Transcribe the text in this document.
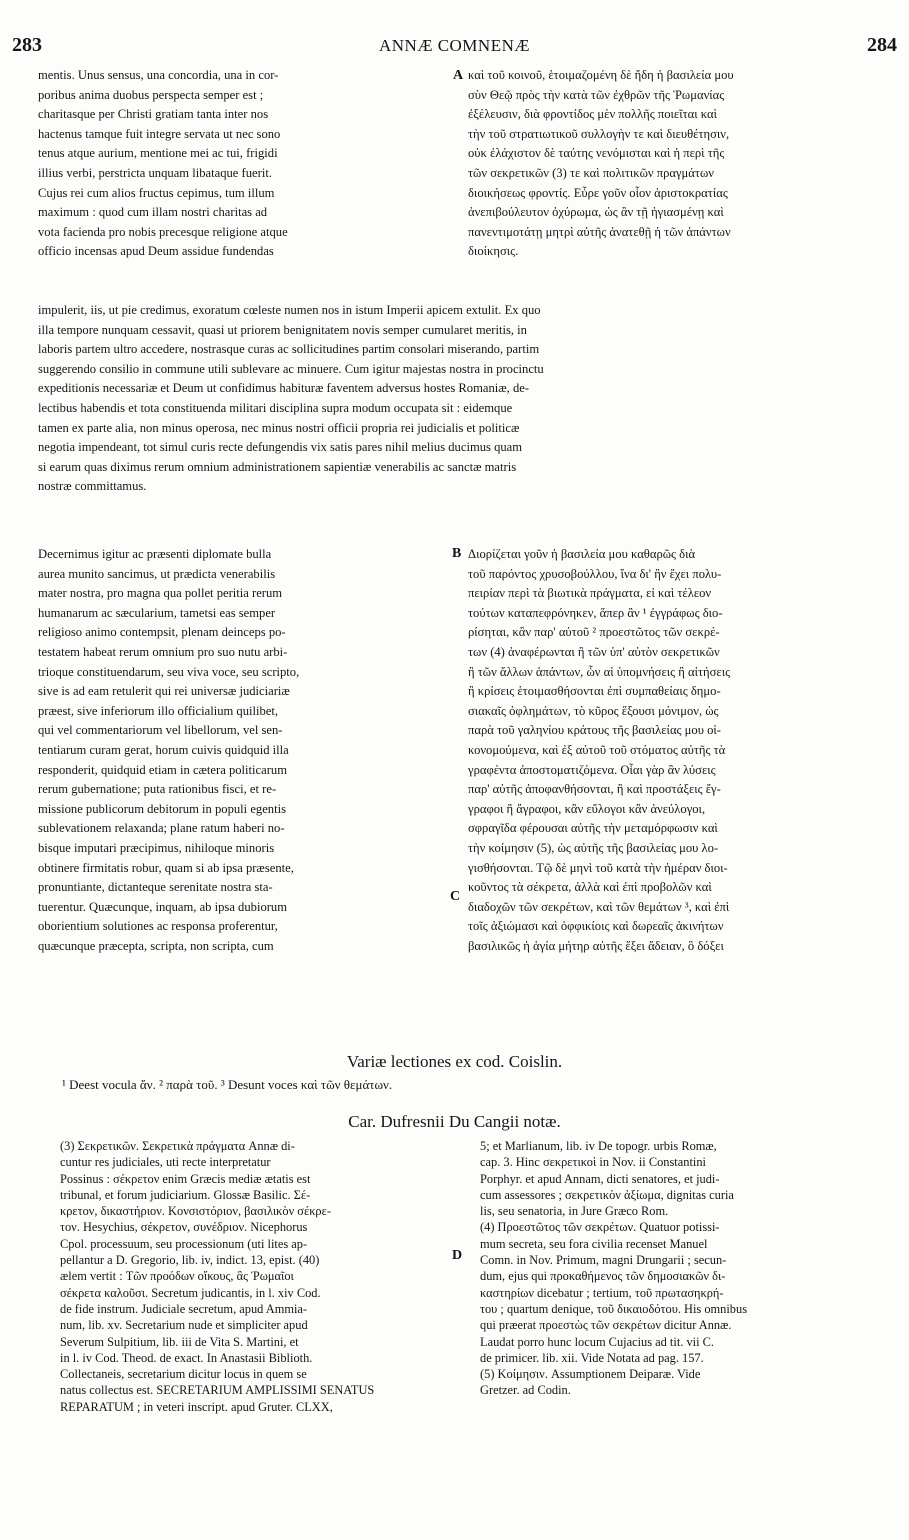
283	ANNÆ COMNENÆ	284
A
B
C
D
mentis. Unus sensus, una concordia, una in cor-
poribus anima duobus perspecta semper est ;
charitasque per Christi gratiam tanta inter nos
hactenus tamque fuit integre servata ut nec sono
tenus atque aurium, mentione mei ac tui, frigidi
illius verbi, perstricta unquam libataque fuerit.
Cujus rei cum alios fructus cepimus, tum illum
maximum : quod cum illam nostri charitas ad
vota facienda pro nobis precesque religione atque
officio incensas apud Deum assidue fundendas
καὶ τοῦ κοινοῦ, ἑτοιμαζομένη δὲ ἤδη ἡ βασιλεία μου
σὺν Θεῷ πρὸς τὴν κατὰ τῶν ἐχθρῶν τῆς Ῥωμανίας
ἐξέλευσιν, διὰ φροντίδος μὲν πολλῆς ποιεῖται καὶ
τὴν τοῦ στρατιωτικοῦ συλλογὴν τε καὶ διευθέτησιν,
οὐκ ἐλάχιστον δὲ ταύτης νενόμισται καὶ ἡ περὶ τῆς
τῶν σεκρετικῶν (3) τε καὶ πολιτικῶν πραγμάτων
διοικήσεως φροντίς. Εὗρε γοῦν οἷον ἀριστοκρατίας
ἀνεπιβούλευτον ὀχύρωμα, ὡς ἂν τῇ ἡγιασμένῃ καὶ
πανεντιμοτάτῃ μητρὶ αὐτῆς ἀνατεθῇ ἡ τῶν ἁπάντων
διοίκησις.
impulerit, iis, ut pie credimus, exoratum cœleste numen nos in istum Imperii apicem extulit. Ex quo
illa tempore nunquam cessavit, quasi ut priorem benignitatem novis semper cumularet meritis, in
laboris partem ultro accedere, nostrasque curas ac sollicitudines partim consolari miserando, partim
suggerendo consilio in commune utili sublevare ac minuere. Cum igitur majestas nostra in procinctu
expeditionis necessariæ et Deum ut confidimus habituræ faventem adversus hostes Romaniæ, de-
lectibus habendis et tota constituenda militari disciplina supra modum occupata sit : eidemque
tamen ex parte alia, non minus operosa, nec minus nostri officii propria rei judicialis et politicæ
negotia impendeant, tot simul curis recte defungendis vix satis pares nihil melius ducimus quam
si earum quas diximus rerum omnium administrationem sapientiæ venerabilis ac sanctæ matris
nostræ committamus.
Decernimus igitur ac præsenti diplomate bulla
aurea munito sancimus, ut prædicta venerabilis
mater nostra, pro magna qua pollet peritia rerum
humanarum ac sæcularium, tametsi eas semper
religioso animo contempsit, plenam deinceps po-
testatem habeat rerum omnium pro suo nutu arbi-
trioque constituendarum, seu viva voce, seu scripto,
sive is ad eam retulerit qui rei universæ judiciariæ
præest, sive inferiorum illo officialium quilibet,
qui vel commentariorum vel libellorum, vel sen-
tentiarum curam gerat, horum cuivis quidquid illa
responderit, quidquid etiam in cætera politicarum
rerum gubernatione; puta rationibus fisci, et re-
missione publicorum debitorum in populi egentis
sublevationem relaxanda; plane ratum haberi no-
bisque imputari præcipimus, nihiloque minoris
obtinere firmitatis robur, quam si ab ipsa præsente,
pronuntiante, dictanteque serenitate nostra sta-
tuerentur. Quæcunque, inquam, ab ipsa dubiorum
oborientium solutiones ac responsa proferentur,
quæcunque præcepta, scripta, non scripta, cum
Διορίζεται γοῦν ἡ βασιλεία μου καθαρῶς διὰ
τοῦ παρόντος χρυσοβούλλου, ἵνα δι' ἣν ἔχει πολυ-
πειρίαν περὶ τὰ βιωτικὰ πράγματα, εἰ καὶ τέλεον
τούτων καταπεφρόνηκεν, ἅπερ ἂν ¹ ἐγγράφως διο-
ρίσηται, κἂν παρ' αὐτοῦ ² προεστῶτος τῶν σεκρέ-
των (4) ἀναφέρωνται ἢ τῶν ὑπ' αὐτὸν σεκρετικῶν
ἢ τῶν ἄλλων ἁπάντων, ὧν αἱ ὑπομνήσεις ἢ αἰτήσεις
ἢ κρίσεις ἑτοιμασθήσονται ἐπὶ συμπαθείαις δημο-
σιακαῖς ὀφλημάτων, τὸ κῦρος ἕξουσι μόνιμον, ὡς
παρὰ τοῦ γαληνίου κράτους τῆς βασιλείας μου οἱ-
κονομούμενα, καὶ ἐξ αὐτοῦ τοῦ στόματος αὐτῆς τὰ
γραφέντα ἀποστοματιζόμενα. Οἷαι γὰρ ἂν λύσεις
παρ' αὐτῆς ἀποφανθήσονται, ἢ καὶ προστάξεις ἔγ-
γραφοι ἢ ἄγραφοι, κἂν εὔλογοι κἂν ἀνεύλογοι,
σφραγῖδα φέρουσαι αὐτῆς τὴν μεταμόρφωσιν καὶ
τὴν κοίμησιν (5), ὡς αὐτῆς τῆς βασιλείας μου λο-
γισθήσονται. Τῷ δὲ μηνὶ τοῦ κατὰ τὴν ἡμέραν διοι-
κοῦντος τὰ σέκρετα, ἀλλὰ καὶ ἐπὶ προβολῶν καὶ
διαδοχῶν τῶν σεκρέτων, καὶ τῶν θεμάτων ³, καὶ ἐπὶ
τοῖς ἀξιώμασι καὶ ὀφφικίοις καὶ δωρεαῖς ἀκινήτων
βασιλικῶς ἡ ἁγία μήτηρ αὐτῆς ἕξει ἄδειαν, ὃ δόξει
Variæ lectiones ex cod. Coislin.
¹ Deest vocula ἄν. ² παρὰ τοῦ. ³ Desunt voces καὶ τῶν θεμάτων.
Car. Dufresnii Du Cangii notæ.
(3) Σεκρετικῶν. Σεκρετικὰ πράγματα Annæ di-
cuntur res judiciales, uti recte interpretatur
Possinus : σέκρετον enim Græcis mediæ ætatis est
tribunal, et forum judiciarium. Glossæ Basilic. Σέ-
κρετον, δικαστήριον. Κονσιστόριον, βασιλικὸν σέκρε-
τον. Hesychius, σέκρετον, συνέδριον. Nicephorus
Cpol. processuum, seu processionum (uti lites ap-
pellantur a D. Gregorio, lib. iv, indict. 13, epist. (40)
ælem vertit : Τῶν προόδων οἴκους, ἃς Ῥωμαῖοι
σέκρετα καλοῦσι. Secretum judicantis, in l. xiv Cod.
de fide instrum. Judiciale secretum, apud Ammia-
num, lib. xv. Secretarium nude et simpliciter apud
Severum Sulpitium, lib. iii de Vita S. Martini, et
in l. iv Cod. Theod. de exact. In Anastasii Biblioth.
Collectaneis, secretarium dicitur locus in quem se
natus collectus est. SECRETARIUM AMPLISSIMI SENATUS
REPARATUM ; in veteri inscript. apud Gruter. CLXX,
5; et Marlianum, lib. iv De topogr. urbis Romæ,
cap. 3. Hinc σεκρετικοὶ in Nov. ii Constantini
Porphyr. et apud Annam, dicti senatores, et judi-
cum assessores ; σεκρετικὸν ἀξίωμα, dignitas curia
lis, seu senatoria, in Jure Græco Rom.
(4) Προεστῶτος τῶν σεκρέτων. Quatuor potissi-
mum secreta, seu fora civilia recenset Manuel
Comn. in Nov. Primum, magni Drungarii ; secun-
dum, ejus qui προκαθήμενος τῶν δημοσιακῶν δι-
καστηρίων dicebatur ; tertium, τοῦ πρωτασηκρή-
του ; quartum denique, τοῦ δικαιοδότου. His omnibus
qui præerat προεστὼς τῶν σεκρέτων dicitur Annæ.
Laudat porro hunc locum Cujacius ad tit. vii C.
de primicer. lib. xii. Vide Notata ad pag. 157.
(5) Κοίμησιν. Assumptionem Deiparæ. Vide
Gretzer. ad Codin.
